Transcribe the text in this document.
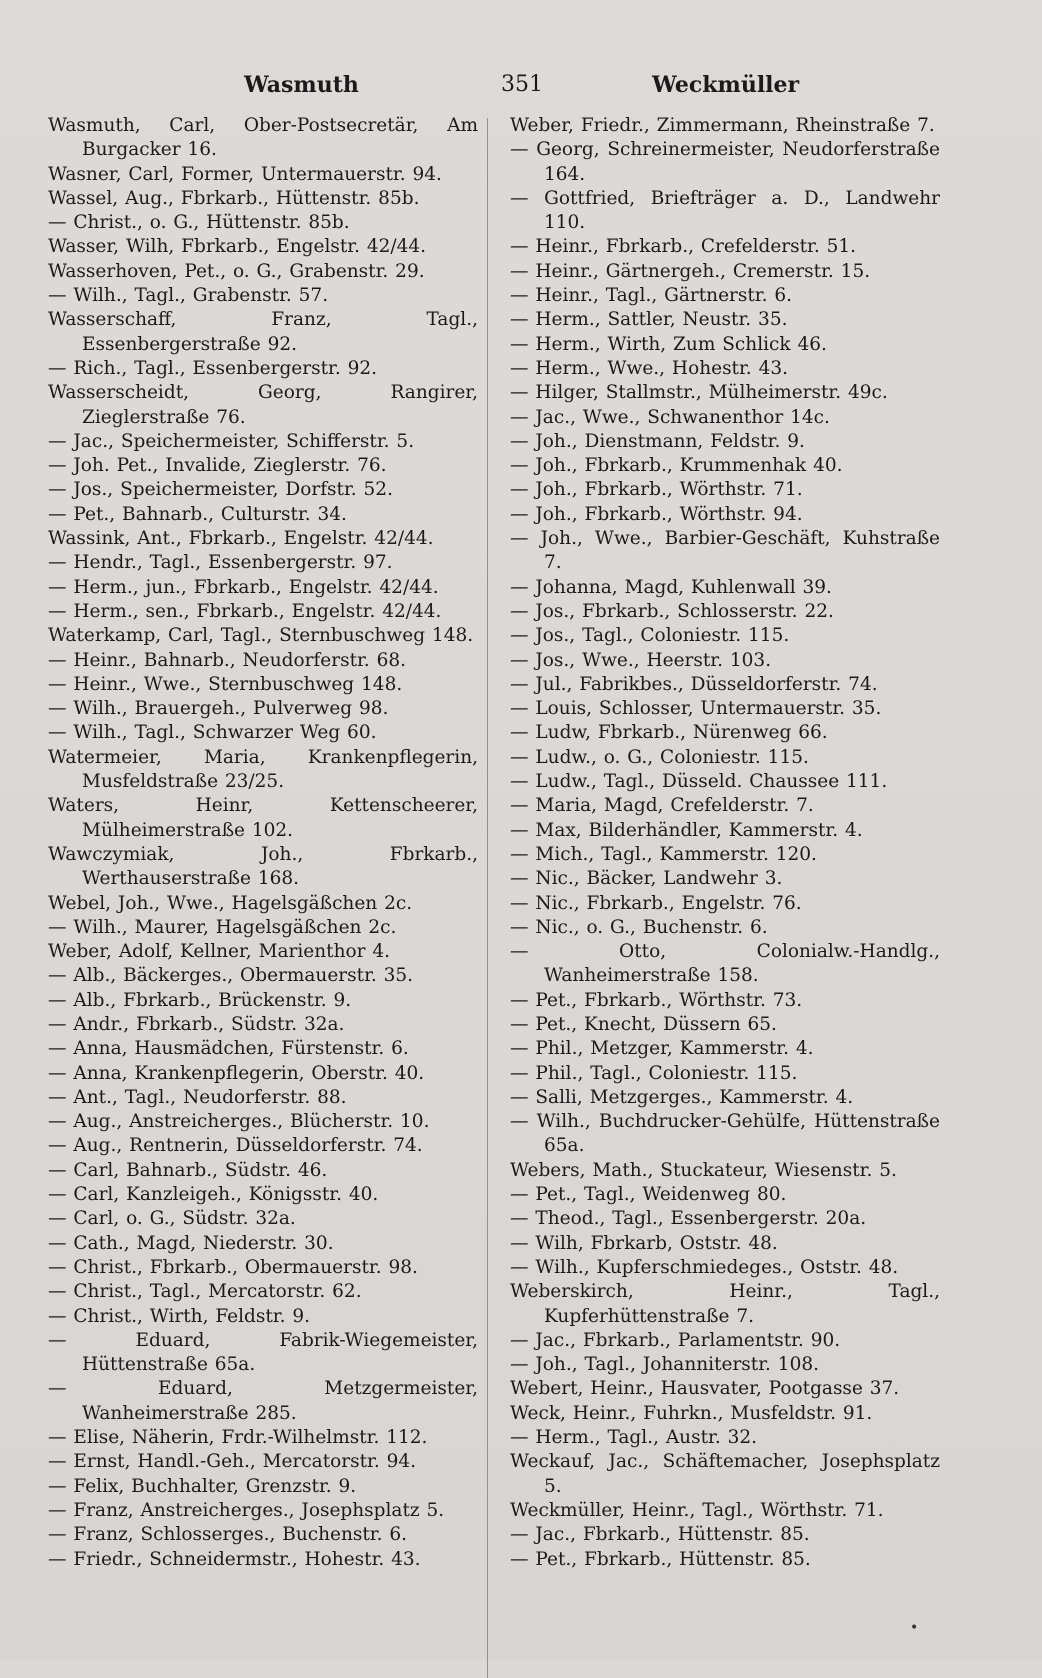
Wasmuth	351	Weckmüller
Wasmuth, Carl, Ober-Postsecretär, Am Burgacker 16.
Wasner, Carl, Former, Untermauerstr. 94.
Wassel, Aug., Fbrkarb., Hüttenstr. 85b.
— Christ., o. G., Hüttenstr. 85b.
Wasser, Wilh, Fbrkarb., Engelstr. 42/44.
Wasserhoven, Pet., o. G., Grabenstr. 29.
— Wilh., Tagl., Grabenstr. 57.
Wasserschaff, Franz, Tagl., Essenbergerstraße 92.
— Rich., Tagl., Essenbergerstr. 92.
Wasserscheidt, Georg, Rangirer, Zieglerstraße 76.
— Jac., Speichermeister, Schifferstr. 5.
— Joh. Pet., Invalide, Zieglerstr. 76.
— Jos., Speichermeister, Dorfstr. 52.
— Pet., Bahnarb., Culturstr. 34.
Wassink, Ant., Fbrkarb., Engelstr. 42/44.
— Hendr., Tagl., Essenbergerstr. 97.
— Herm., jun., Fbrkarb., Engelstr. 42/44.
— Herm., sen., Fbrkarb., Engelstr. 42/44.
Waterkamp, Carl, Tagl., Sternbuschweg 148.
— Heinr., Bahnarb., Neudorferstr. 68.
— Heinr., Wwe., Sternbuschweg 148.
— Wilh., Brauergeh., Pulverweg 98.
— Wilh., Tagl., Schwarzer Weg 60.
Watermeier, Maria, Krankenpflegerin, Musfeldstraße 23/25.
Waters, Heinr, Kettenscheerer, Mülheimerstraße 102.
Wawczymiak, Joh., Fbrkarb., Werthauserstraße 168.
Webel, Joh., Wwe., Hagelsgäßchen 2c.
— Wilh., Maurer, Hagelsgäßchen 2c.
Weber, Adolf, Kellner, Marienthor 4.
— Alb., Bäckerges., Obermauerstr. 35.
— Alb., Fbrkarb., Brückenstr. 9.
— Andr., Fbrkarb., Südstr. 32a.
— Anna, Hausmädchen, Fürstenstr. 6.
— Anna, Krankenpflegerin, Oberstr. 40.
— Ant., Tagl., Neudorferstr. 88.
— Aug., Anstreicherges., Blücherstr. 10.
— Aug., Rentnerin, Düsseldorferstr. 74.
— Carl, Bahnarb., Südstr. 46.
— Carl, Kanzleigeh., Königsstr. 40.
— Carl, o. G., Südstr. 32a.
— Cath., Magd, Niederstr. 30.
— Christ., Fbrkarb., Obermauerstr. 98.
— Christ., Tagl., Mercatorstr. 62.
— Christ., Wirth, Feldstr. 9.
— Eduard, Fabrik-Wiegemeister, Hüttenstraße 65a.
— Eduard, Metzgermeister, Wanheimerstraße 285.
— Elise, Näherin, Frdr.-Wilhelmstr. 112.
— Ernst, Handl.-Geh., Mercatorstr. 94.
— Felix, Buchhalter, Grenzstr. 9.
— Franz, Anstreicherges., Josephsplatz 5.
— Franz, Schlosserges., Buchenstr. 6.
— Friedr., Schneidermstr., Hohestr. 43.
Weber, Friedr., Zimmermann, Rheinstraße 7.
— Georg, Schreinermeister, Neudorferstraße 164.
— Gottfried, Briefträger a. D., Landwehr 110.
— Heinr., Fbrkarb., Crefelderstr. 51.
— Heinr., Gärtnergeh., Cremerstr. 15.
— Heinr., Tagl., Gärtnerstr. 6.
— Herm., Sattler, Neustr. 35.
— Herm., Wirth, Zum Schlick 46.
— Herm., Wwe., Hohestr. 43.
— Hilger, Stallmstr., Mülheimerstr. 49c.
— Jac., Wwe., Schwanenthor 14c.
— Joh., Dienstmann, Feldstr. 9.
— Joh., Fbrkarb., Krummenhak 40.
— Joh., Fbrkarb., Wörthstr. 71.
— Joh., Fbrkarb., Wörthstr. 94.
— Joh., Wwe., Barbier-Geschäft, Kuhstraße 7.
— Johanna, Magd, Kuhlenwall 39.
— Jos., Fbrkarb., Schlosserstr. 22.
— Jos., Tagl., Coloniestr. 115.
— Jos., Wwe., Heerstr. 103.
— Jul., Fabrikbes., Düsseldorferstr. 74.
— Louis, Schlosser, Untermauerstr. 35.
— Ludw, Fbrkarb., Nürenweg 66.
— Ludw., o. G., Coloniestr. 115.
— Ludw., Tagl., Düsseld. Chaussee 111.
— Maria, Magd, Crefelderstr. 7.
— Max, Bilderhändler, Kammerstr. 4.
— Mich., Tagl., Kammerstr. 120.
— Nic., Bäcker, Landwehr 3.
— Nic., Fbrkarb., Engelstr. 76.
— Nic., o. G., Buchenstr. 6.
— Otto, Colonialw.-Handlg., Wanheimerstraße 158.
— Pet., Fbrkarb., Wörthstr. 73.
— Pet., Knecht, Düssern 65.
— Phil., Metzger, Kammerstr. 4.
— Phil., Tagl., Coloniestr. 115.
— Salli, Metzgerges., Kammerstr. 4.
— Wilh., Buchdrucker-Gehülfe, Hüttenstraße 65a.
Webers, Math., Stuckateur, Wiesenstr. 5.
— Pet., Tagl., Weidenweg 80.
— Theod., Tagl., Essenbergerstr. 20a.
— Wilh, Fbrkarb, Oststr. 48.
— Wilh., Kupferschmiedeges., Oststr. 48.
Weberskirch, Heinr., Tagl., Kupferhüttenstraße 7.
— Jac., Fbrkarb., Parlamentstr. 90.
— Joh., Tagl., Johanniterstr. 108.
Webert, Heinr., Hausvater, Pootgasse 37.
Weck, Heinr., Fuhrkn., Musfeldstr. 91.
— Herm., Tagl., Austr. 32.
Weckauf, Jac., Schäftemacher, Josephsplatz 5.
Weckmüller, Heinr., Tagl., Wörthstr. 71.
— Jac., Fbrkarb., Hüttenstr. 85.
— Pet., Fbrkarb., Hüttenstr. 85.
•
